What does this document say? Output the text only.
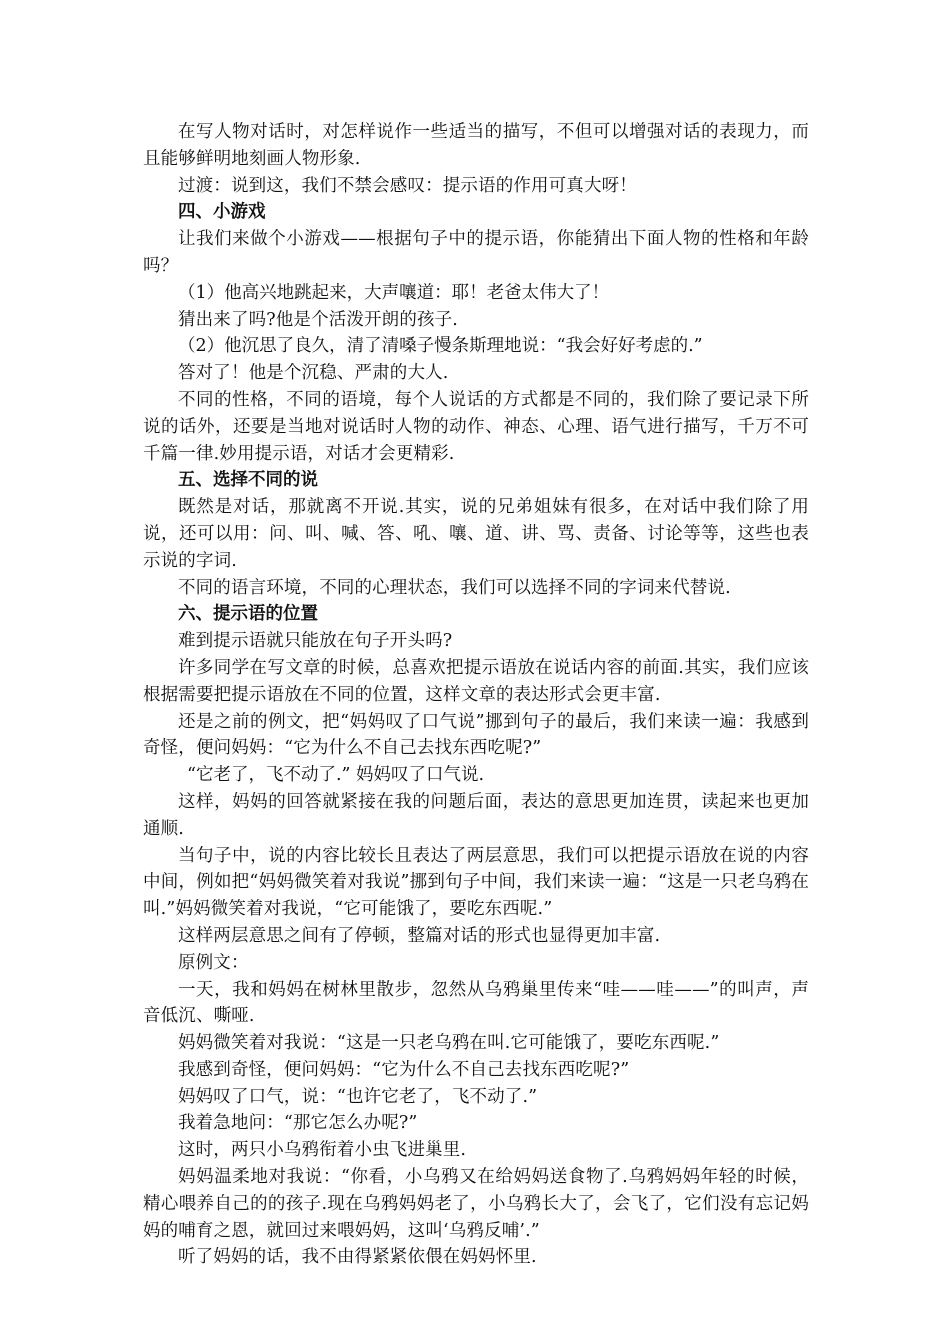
在写人物对话时，对怎样说作一些适当的描写，不但可以增强对话的表现力，而且能够鲜明地刻画人物形象.

过渡：说到这，我们不禁会感叹：提示语的作用可真大呀！

四、小游戏

让我们来做个小游戏——根据句子中的提示语，你能猜出下面人物的性格和年龄吗？

（1）他高兴地跳起来，大声嚷道：耶！老爸太伟大了！

猜出来了吗?他是个活泼开朗的孩子.

（2）他沉思了良久，清了清嗓子慢条斯理地说：“我会好好考虑的.”

答对了！他是个沉稳、严肃的大人.

不同的性格，不同的语境，每个人说话的方式都是不同的，我们除了要记录下所说的话外，还要是当地对说话时人物的动作、神态、心理、语气进行描写，千万不可千篇一律.妙用提示语，对话才会更精彩.

五、选择不同的说

既然是对话，那就离不开说.其实，说的兄弟姐妹有很多，在对话中我们除了用说，还可以用：问、叫、喊、答、吼、嚷、道、讲、骂、责备、讨论等等，这些也表示说的字词.

不同的语言环境，不同的心理状态，我们可以选择不同的字词来代替说.

六、提示语的位置

难到提示语就只能放在句子开头吗?

许多同学在写文章的时候，总喜欢把提示语放在说话内容的前面.其实，我们应该根据需要把提示语放在不同的位置，这样文章的表达形式会更丰富.

还是之前的例文，把“妈妈叹了口气说”挪到句子的最后，我们来读一遍：我感到奇怪，便问妈妈：“它为什么不自己去找东西吃呢?”

“它老了，飞不动了.” 妈妈叹了口气说.

这样，妈妈的回答就紧接在我的问题后面，表达的意思更加连贯，读起来也更加通顺.

当句子中，说的内容比较长且表达了两层意思，我们可以把提示语放在说的内容中间，例如把“妈妈微笑着对我说”挪到句子中间，我们来读一遍：“这是一只老乌鸦在叫.”妈妈微笑着对我说，“它可能饿了，要吃东西呢.”

这样两层意思之间有了停顿，整篇对话的形式也显得更加丰富.

原例文：

一天，我和妈妈在树林里散步，忽然从乌鸦巢里传来“哇——哇——”的叫声，声音低沉、嘶哑.

妈妈微笑着对我说：“这是一只老乌鸦在叫.它可能饿了，要吃东西呢.”

我感到奇怪，便问妈妈：“它为什么不自己去找东西吃呢?”

妈妈叹了口气，说：“也许它老了，飞不动了.”

我着急地问：“那它怎么办呢?”

这时，两只小乌鸦衔着小虫飞进巢里.

妈妈温柔地对我说：“你看，小乌鸦又在给妈妈送食物了.乌鸦妈妈年轻的时候，精心喂养自己的的孩子.现在乌鸦妈妈老了，小乌鸦长大了，会飞了，它们没有忘记妈妈的哺育之恩，就回过来喂妈妈，这叫‘乌鸦反哺’.”

听了妈妈的话，我不由得紧紧依偎在妈妈怀里.
